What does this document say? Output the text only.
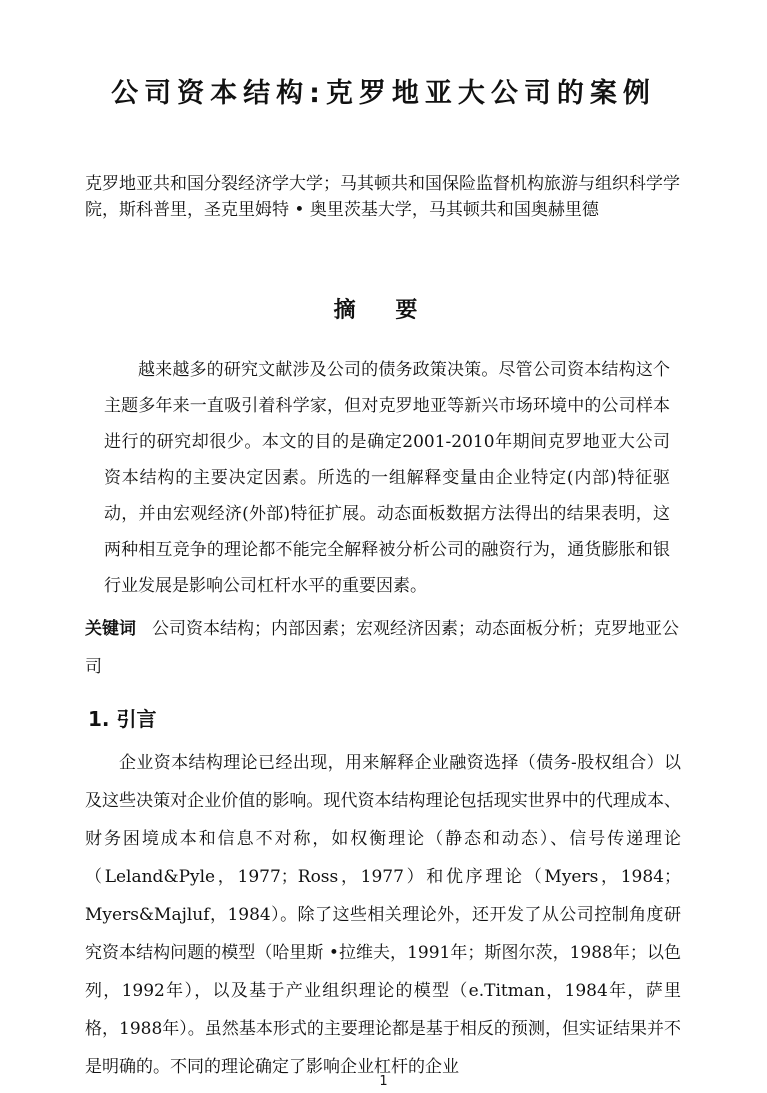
公司资本结构:克罗地亚大公司的案例
克罗地亚共和国分裂经济学大学；马其顿共和国保险监督机构旅游与组织科学学院，斯科普里，圣克里姆特 • 奥里茨基大学，马其顿共和国奥赫里德
摘 要
越来越多的研究文献涉及公司的债务政策决策。尽管公司资本结构这个主题多年来一直吸引着科学家，但对克罗地亚等新兴市场环境中的公司样本进行的研究却很少。本文的目的是确定2001-2010年期间克罗地亚大公司资本结构的主要决定因素。所选的一组解释变量由企业特定(内部)特征驱动，并由宏观经济(外部)特征扩展。动态面板数据方法得出的结果表明，这两种相互竞争的理论都不能完全解释被分析公司的融资行为，通货膨胀和银行业发展是影响公司杠杆水平的重要因素。
关键词 公司资本结构；内部因素；宏观经济因素；动态面板分析；克罗地亚公司
1. 引言
企业资本结构理论已经出现，用来解释企业融资选择（债务-股权组合）以及这些决策对企业价值的影响。现代资本结构理论包括现实世界中的代理成本、财务困境成本和信息不对称，如权衡理论（静态和动态）、信号传递理论（Leland&Pyle，1977；Ross，1977）和优序理论（Myers，1984；Myers&Majluf，1984）。除了这些相关理论外，还开发了从公司控制角度研究资本结构问题的模型（哈里斯 •拉维夫，1991年；斯图尔茨，1988年；以色列，1992年），以及基于产业组织理论的模型（e.Titman，1984年，萨里格，1988年）。虽然基本形式的主要理论都是基于相反的预测，但实证结果并不是明确的。不同的理论确定了影响企业杠杆的企业
1
